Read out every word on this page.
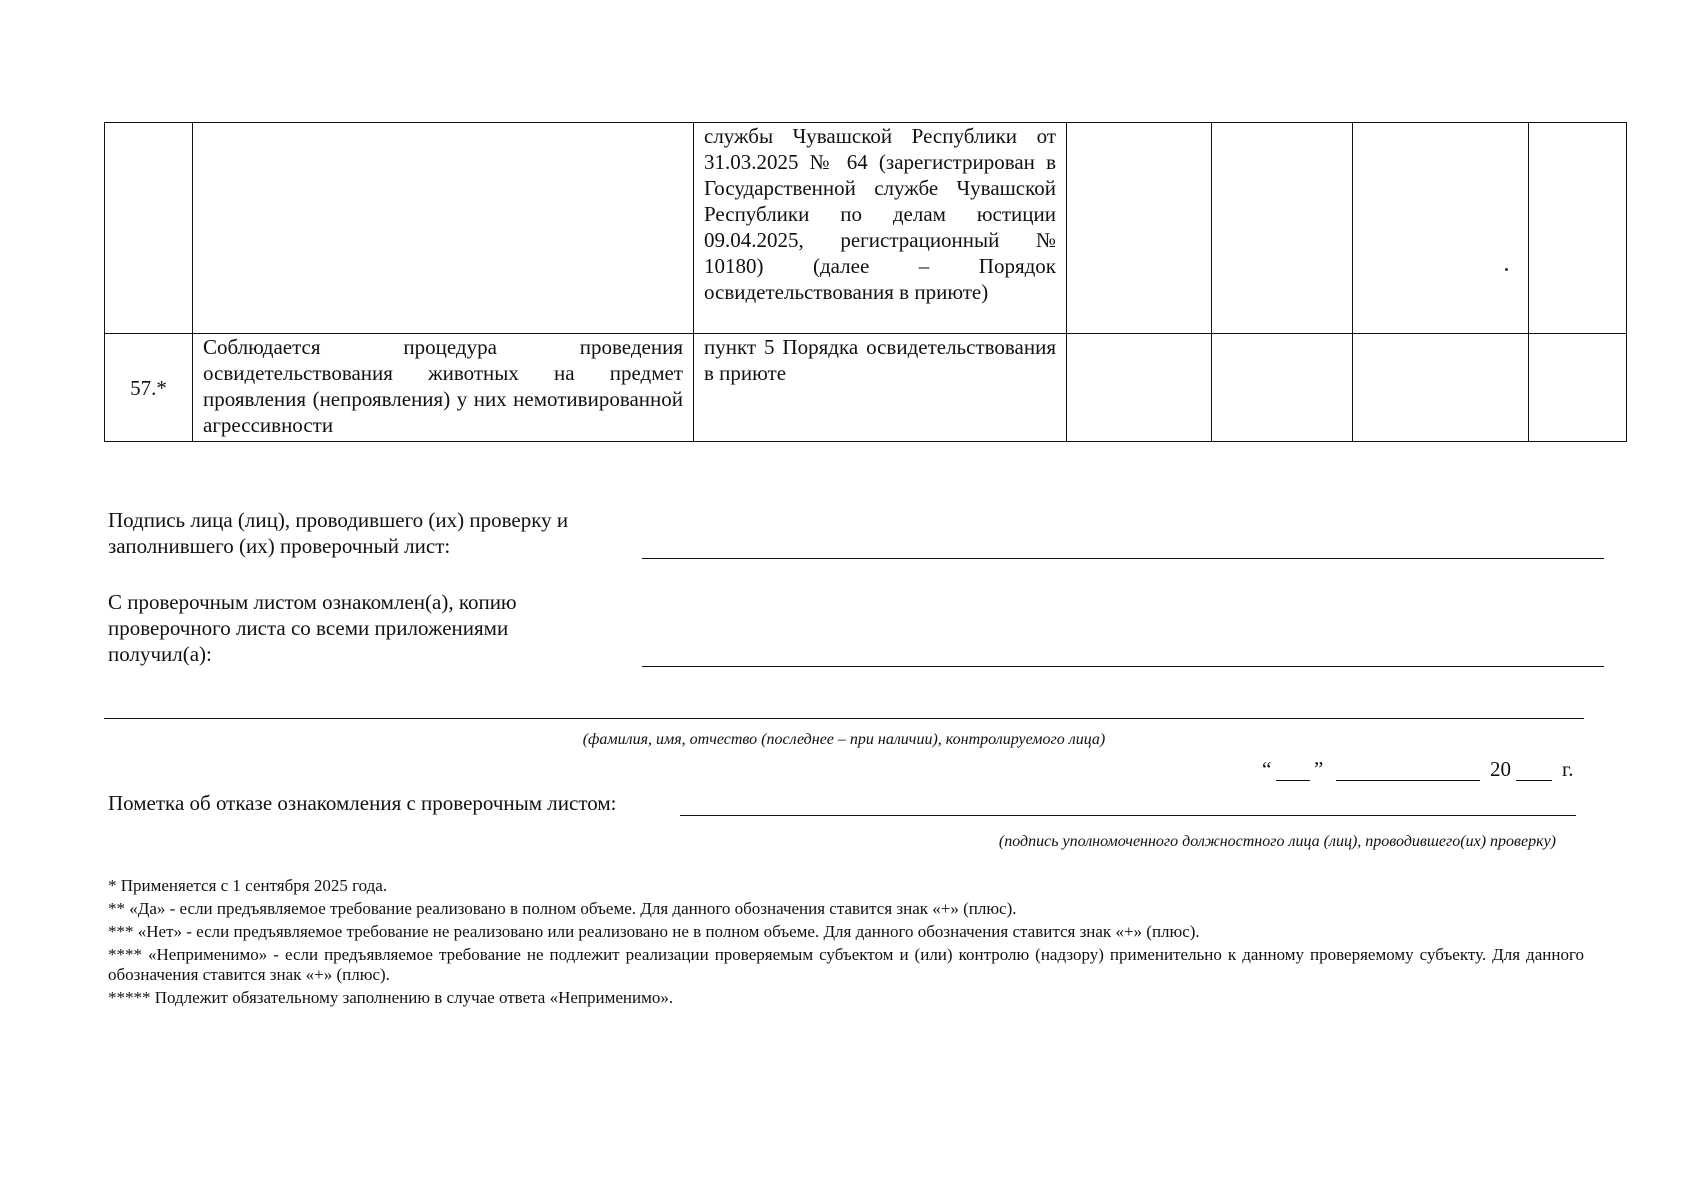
		службы Чувашской Республики от 31.03.2025 № 64 (зарегистрирован в Государственной службе Чувашской Республики по делам юстиции 09.04.2025, регистрационный № 10180) (далее – Порядок освидетельствования в приюте)				
57.*	Соблюдается процедура проведения освидетельствования животных на предмет проявления (непроявления) у них немотивированной агрессивности	пункт 5 Порядка освидетельствования в приюте				
Подпись лица (лиц), проводившего (их) проверку и заполнившего (их) проверочный лист:
С проверочным листом ознакомлен(а), копию проверочного листа со всеми приложениями получил(а):
(фамилия, имя, отчество (последнее – при наличии), контролируемого лица)
“ ”	20 г.
Пометка об отказе ознакомления с проверочным листом:
(подпись уполномоченного должностного лица (лиц), проводившего(их) проверку)
* Применяется с 1 сентября 2025 года.
** «Да» - если предъявляемое требование реализовано в полном объеме. Для данного обозначения ставится знак «+» (плюс).
*** «Нет» - если предъявляемое требование не реализовано или реализовано не в полном объеме. Для данного обозначения ставится знак «+» (плюс).
**** «Неприменимо» - если предъявляемое требование не подлежит реализации проверяемым субъектом и (или) контролю (надзору) применительно к данному проверяемому субъекту. Для данного обозначения ставится знак «+» (плюс).
***** Подлежит обязательному заполнению в случае ответа «Неприменимо».
